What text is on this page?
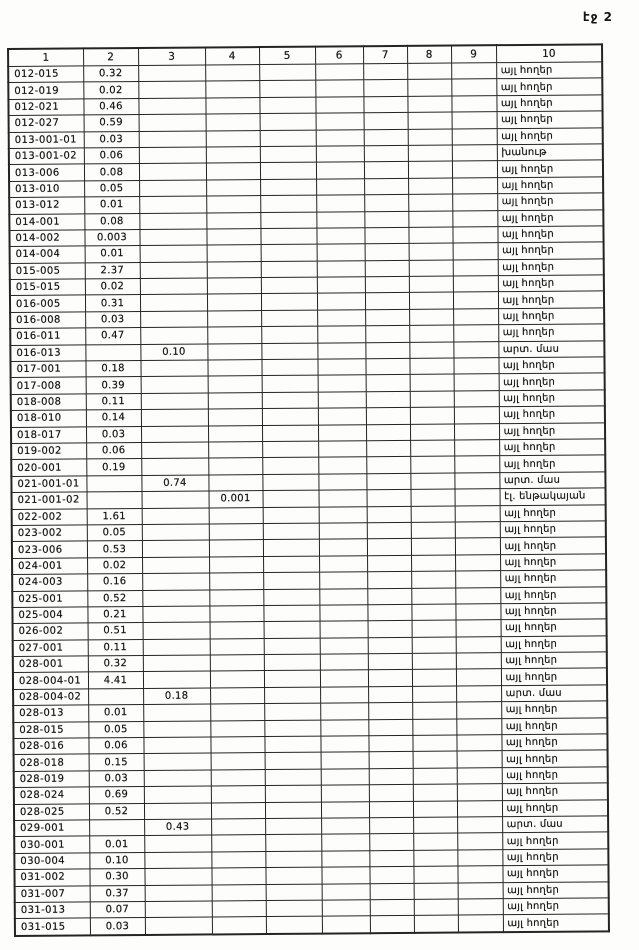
էջ 2
1	2	3	4	5	6	7	8	9	10
012-015	0.32								այլ հողեր
012-019	0.02								այլ հողեր
012-021	0.46								այլ հողեր
012-027	0.59								այլ հողեր
013-001-01	0.03								այլ հողեր
013-001-02	0.06								խանութ
013-006	0.08								այլ հողեր
013-010	0.05								այլ հողեր
013-012	0.01								այլ հողեր
014-001	0.08								այլ հողեր
014-002	0.003								այլ հողեր
014-004	0.01								այլ հողեր
015-005	2.37								այլ հողեր
015-015	0.02								այլ հողեր
016-005	0.31								այլ հողեր
016-008	0.03								այլ հողեր
016-011	0.47								այլ հողեր
016-013		0.10							արտ. մաս
017-001	0.18								այլ հողեր
017-008	0.39								այլ հողեր
018-008	0.11								այլ հողեր
018-010	0.14								այլ հողեր
018-017	0.03								այլ հողեր
019-002	0.06								այլ հողեր
020-001	0.19								այլ հողեր
021-001-01		0.74							արտ. մաս
021-001-02			0.001						էլ. ենթակայան
022-002	1.61								այլ հողեր
023-002	0.05								այլ հողեր
023-006	0.53								այլ հողեր
024-001	0.02								այլ հողեր
024-003	0.16								այլ հողեր
025-001	0.52								այլ հողեր
025-004	0.21								այլ հողեր
026-002	0.51								այլ հողեր
027-001	0.11								այլ հողեր
028-001	0.32								այլ հողեր
028-004-01	4.41								այլ հողեր
028-004-02		0.18							արտ. մաս
028-013	0.01								այլ հողեր
028-015	0.05								այլ հողեր
028-016	0.06								այլ հողեր
028-018	0.15								այլ հողեր
028-019	0.03								այլ հողեր
028-024	0.69								այլ հողեր
028-025	0.52								այլ հողեր
029-001		0.43							արտ. մաս
030-001	0.01								այլ հողեր
030-004	0.10								այլ հողեր
031-002	0.30								այլ հողեր
031-007	0.37								այլ հողեր
031-013	0.07								այլ հողեր
031-015	0.03								այլ հողեր
